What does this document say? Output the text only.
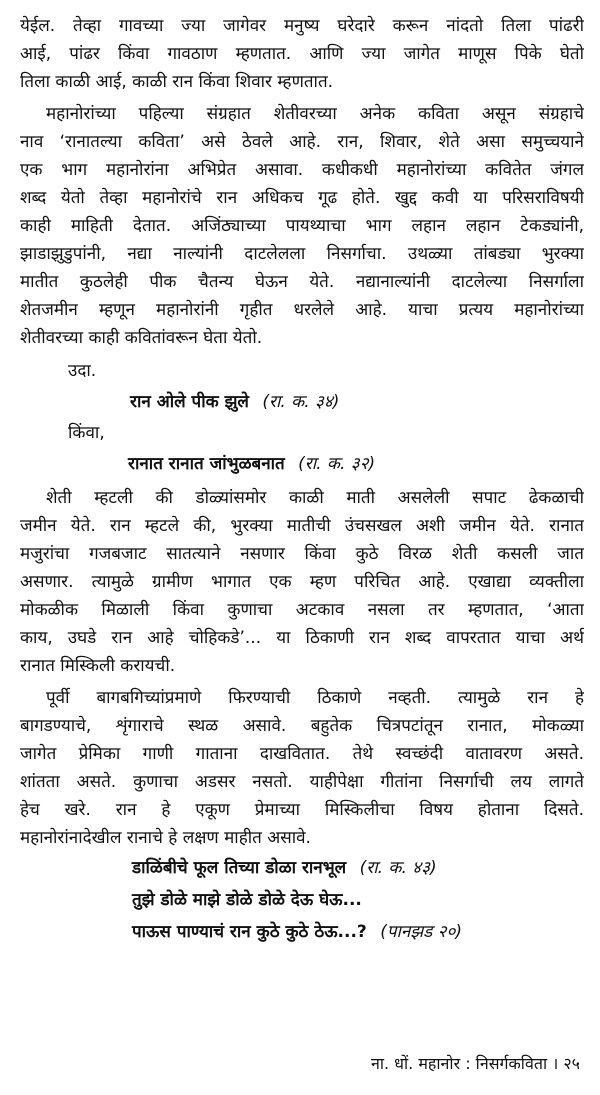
येईल. तेव्हा गावच्या ज्या जागेवर मनुष्य घरेदारे करून नांदतो तिला पांढरी
आई, पांढर किंवा गावठाण म्हणतात. आणि ज्या जागेत माणूस पिके घेतो
तिला काळी आई, काळी रान किंवा शिवार म्हणतात.
महानोरांच्या पहिल्या संग्रहात शेतीवरच्या अनेक कविता असून संग्रहाचे
नाव ‘रानातल्या कविता’ असे ठेवले आहे. रान, शिवार, शेते असा समुच्चयाने
एक भाग महानोरांना अभिप्रेत असावा. कधीकधी महानोरांच्या कवितेत जंगल
शब्द येतो तेव्हा महानोरांचे रान अधिकच गूढ होते. खुद्द कवी या परिसराविषयी
काही माहिती देतात. अजिंठ्याच्या पायथ्याचा भाग लहान लहान टेकड्यांनी,
झाडाझुडुपांनी, नद्या नाल्यांनी दाटलेलला निसर्गाचा. उथळ्या तांबड्या भुरक्या
मातीत कुठलेही पीक चैतन्य घेऊन येते. नद्यानाल्यांनी दाटलेल्या निसर्गाला
शेतजमीन म्हणून महानोरांनी गृहीत धरलेले आहे. याचा प्रत्यय महानोरांच्या
शेतीवरच्या काही कवितांवरून घेता येतो.
उदा.
रान ओले पीक झुले (रा. क. ३४)
किंवा,
रानात रानात जांभुळबनात (रा. क. ३२)
शेती म्हटली की डोळ्यांसमोर काळी माती असलेली सपाट ढेकळाची
जमीन येते. रान म्हटले की, भुरक्या मातीची उंचसखल अशी जमीन येते. रानात
मजुरांचा गजबजाट सातत्याने नसणार किंवा कुठे विरळ शेती कसली जात
असणार. त्यामुळे ग्रामीण भागात एक म्हण परिचित आहे. एखाद्या व्यक्तीला
मोकळीक मिळाली किंवा कुणाचा अटकाव नसला तर म्हणतात, ‘आता
काय, उघडे रान आहे चोहिकडे’... या ठिकाणी रान शब्द वापरतात याचा अर्थ
रानात मिस्किली करायची.
पूर्वी बागबगिच्यांप्रमाणे फिरण्याची ठिकाणे नव्हती. त्यामुळे रान हे
बागडण्याचे, शृंगाराचे स्थळ असावे. बहुतेक चित्रपटांतून रानात, मोकळ्या
जागेत प्रेमिका गाणी गाताना दाखवितात. तेथे स्वच्छंदी वातावरण असते.
शांतता असते. कुणाचा अडसर नसतो. याहीपेक्षा गीतांना निसर्गाची लय लागते
हेच खरे. रान हे एकूण प्रेमाच्या मिस्किलीचा विषय होताना दिसते.
महानोरांनादेखील रानाचे हे लक्षण माहीत असावे.
डाळिंबीचे फूल तिच्या डोळा रानभूल (रा. क. ४३)
तुझे डोळे माझे डोळे डोळे देऊ घेऊ...
पाऊस पाण्याचं रान कुठे कुठे ठेऊ...? (पानझड २०)
ना. धों. महानोर : निसर्गकविता । २५
